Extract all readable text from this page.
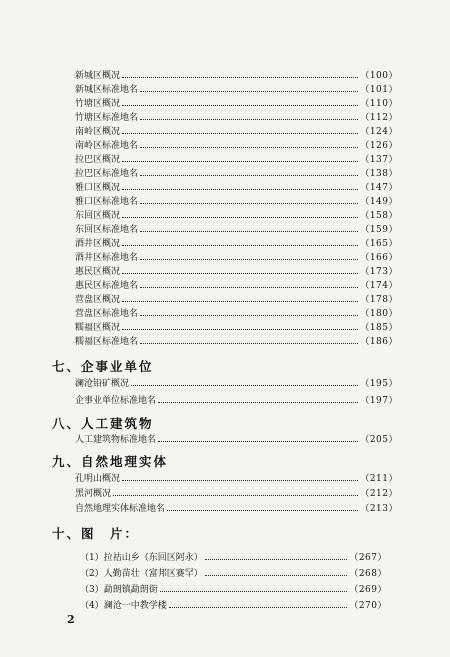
新城区概况	（100）
新城区标准地名	（101）
竹塘区概况	（110）
竹塘区标准地名	（112）
南岭区概况	（124）
南岭区标准地名	（126）
拉巴区概况	（137）
拉巴区标准地名	（138）
雅口区概况	（147）
雅口区标准地名	（149）
东回区概况	（158）
东回区标准地名	（159）
酒井区概况	（165）
酒井区标准地名	（166）
惠民区概况	（173）
惠民区标准地名	（174）
营盘区概况	（178）
营盘区标准地名	（180）
糯福区概况	（185）
糯福区标准地名	（186）
七、企事业单位
澜沧铅矿概况	（195）
企事业单位标准地名	（197）
八、人工建筑物
人工建筑物标准地名	（205）
九、自然地理实体
孔明山概况	（211）
黑河概况	（212）
自然地理实体标准地名	（213）
十、图　片：
（1）拉祜山乡（东回区阿永）	（267）
（2）人勤苗壮（富邦区赛罕）	（268）
（3）勐朗镇勐朗街	（269）
（4）澜沧一中教学楼	（270）
2
